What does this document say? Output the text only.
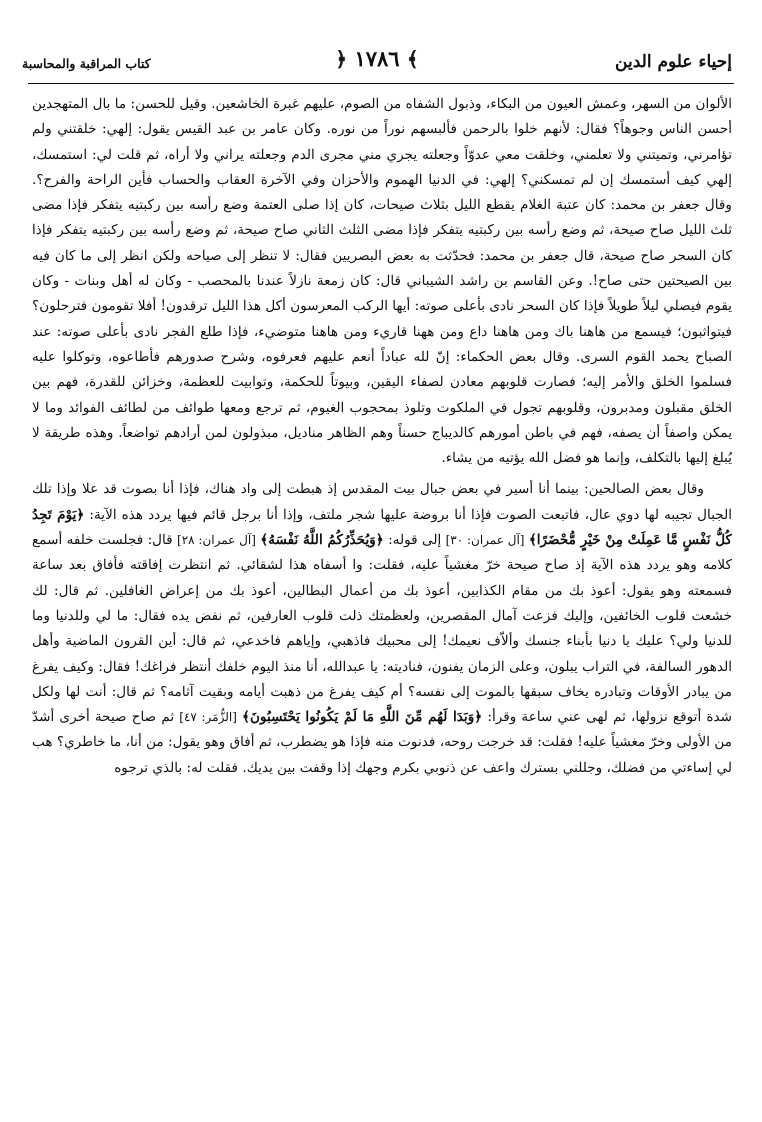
إحياء علوم الدين
﴿ ١٧٨٦ ﴾
كتاب المراقبة والمحاسبة

الألوان من السهر، وعمش العيون من البكاء، وذبول الشفاه من الصوم، عليهم غبرة الخاشعين. وقيل للحسن: ما بال المتهجدين أحسن الناس وجوهاً؟ فقال: لأنهم خلوا بالرحمن فألبسهم نوراً من نوره. وكان عامر بن عبد القيس يقول: إلهي: خلقتني ولم تؤامرني، وتميتني ولا تعلمني، وخلقت معي عدوّاً وجعلته يجري مني مجرى الدم وجعلته يراني ولا أراه، ثم قلت لي: استمسك، إلهي كيف أستمسك إن لم تمسكني؟ إلهي: في الدنيا الهموم والأحزان وفي الآخرة العقاب والحساب فأين الراحة والفرح؟. وقال جعفر بن محمد: كان عتبة الغلام يقطع الليل بثلاث صيحات، كان إذا صلى العتمة وضع رأسه بين ركبتيه يتفكر فإذا مضى ثلث الليل صاح صيحة، ثم وضع رأسه بين ركبتيه يتفكر فإذا مضى الثلث الثاني صاح صيحة، ثم وضع رأسه بين ركبتيه يتفكر فإذا كان السحر صاح صيحة، قال جعفر بن محمد: فحدّثت به بعض البصريين فقال: لا تنظر إلى صياحه ولكن انظر إلى ما كان فيه بين الصيحتين حتى صاح!. وعن القاسم بن راشد الشيباني قال: كان زمعة نازلاً عندنا بالمحصب - وكان له أهل وبنات - وكان يقوم فيصلي ليلاً طويلاً فإذا كان السحر نادى بأعلى صوته: أيها الركب المعرسون أكل هذا الليل ترقدون! أفلا تقومون فترحلون؟ فيتواثبون؛ فيسمع من هاهنا باك ومن هاهنا داع ومن ههنا قاريء ومن هاهنا متوضيء، فإذا طلع الفجر نادى بأعلى صوته: عند الصباح يحمد القوم السرى. وقال بعض الحكماء: إنّ لله عباداً أنعم عليهم فعرفوه، وشرح صدورهم فأطاعوه، وتوكلوا عليه فسلموا الخلق والأمر إليه؛ فصارت قلوبهم معادن لصفاء اليقين، وبيوتاً للحكمة، وتوابيت للعظمة، وخزائن للقدرة، فهم بين الخلق مقبلون ومدبرون، وقلوبهم تجول في الملكوت وتلوذ بمحجوب الغيوم، ثم ترجع ومعها طوائف من لطائف الفوائد وما لا يمكن واصفاً أن يصفه، فهم في باطن أمورهم كالديباج حسناً وهم الظاهر مناديل، مبذولون لمن أرادهم تواضعاً. وهذه طريقة لا يُبلغ إليها بالتكلف، وإنما هو فضل الله يؤتيه من يشاء.

وقال بعض الصالحين: بينما أنا أسير في بعض جبال بيت المقدس إذ هبطت إلى واد هناك، فإذا أنا بصوت قد علا وإذا تلك الجبال تجيبه لها دوي عال، فاتبعت الصوت فإذا أنا بروضة عليها شجر ملتف، وإذا أنا برجل قائم فيها يردد هذه الآية: ﴿يَوْمَ تَجِدُ كُلُّ نَفْسٍ مَّا عَمِلَتْ مِنْ خَيْرٍ مُّحْضَرًا﴾ [آل عمران: ٣٠] إلى قوله: ﴿وَيُحَذِّرُكُمُ اللَّهُ نَفْسَهُ﴾ [آل عمران: ٢٨] قال: فجلست خلفه أسمع كلامه وهو يردد هذه الآية إذ صاح صيحة خرّ مغشياً عليه، فقلت: وا أسفاه هذا لشقائي. ثم انتظرت إفاقته فأفاق بعد ساعة فسمعته وهو يقول: أعوذ بك من مقام الكذابين، أعوذ بك من أعمال البطالين، أعوذ بك من إعراض الغافلين. ثم قال: لك خشعت قلوب الخائفين، وإليك فزعت آمال المقصرين، ولعظمتك ذلت قلوب العارفين، ثم نفض يده فقال: ما لي وللدنيا وما للدنيا ولي؟ عليك يا دنيا بأبناء جنسك وألاّف نعيمك! إلى محبيك فاذهبي، وإياهم فاخدعي، ثم قال: أين القرون الماضية وأهل الدهور السالفة، في التراب يبلون، وعلى الزمان يفنون، فناديته: يا عبدالله، أنا منذ اليوم خلفك أنتظر فراغك! فقال: وكيف يفرغ من يبادر الأوقات وتبادره يخاف سبقها بالموت إلى نفسه؟ أم كيف يفرغ من ذهبت أيامه وبقيت آثامه؟ ثم قال: أنت لها ولكل شدة أتوقع نزولها، ثم لهى عني ساعة وقرأ: ﴿وَبَدَا لَهُم مِّنَ اللَّهِ مَا لَمْ يَكُونُوا يَحْتَسِبُونَ﴾ [الزُّمَر: ٤٧] ثم صاح صيحة أخرى أشدّ من الأولى وخرّ مغشياً عليه! فقلت: قد خرجت روحه، فدنوت منه فإذا هو يضطرب، ثم أفاق وهو يقول: من أنا، ما خاطري؟ هب لي إساءتي من فضلك، وجللني بسترك واعف عن ذنوبي بكرم وجهك إذا وقفت بين يديك. فقلت له: بالذي ترجوه
